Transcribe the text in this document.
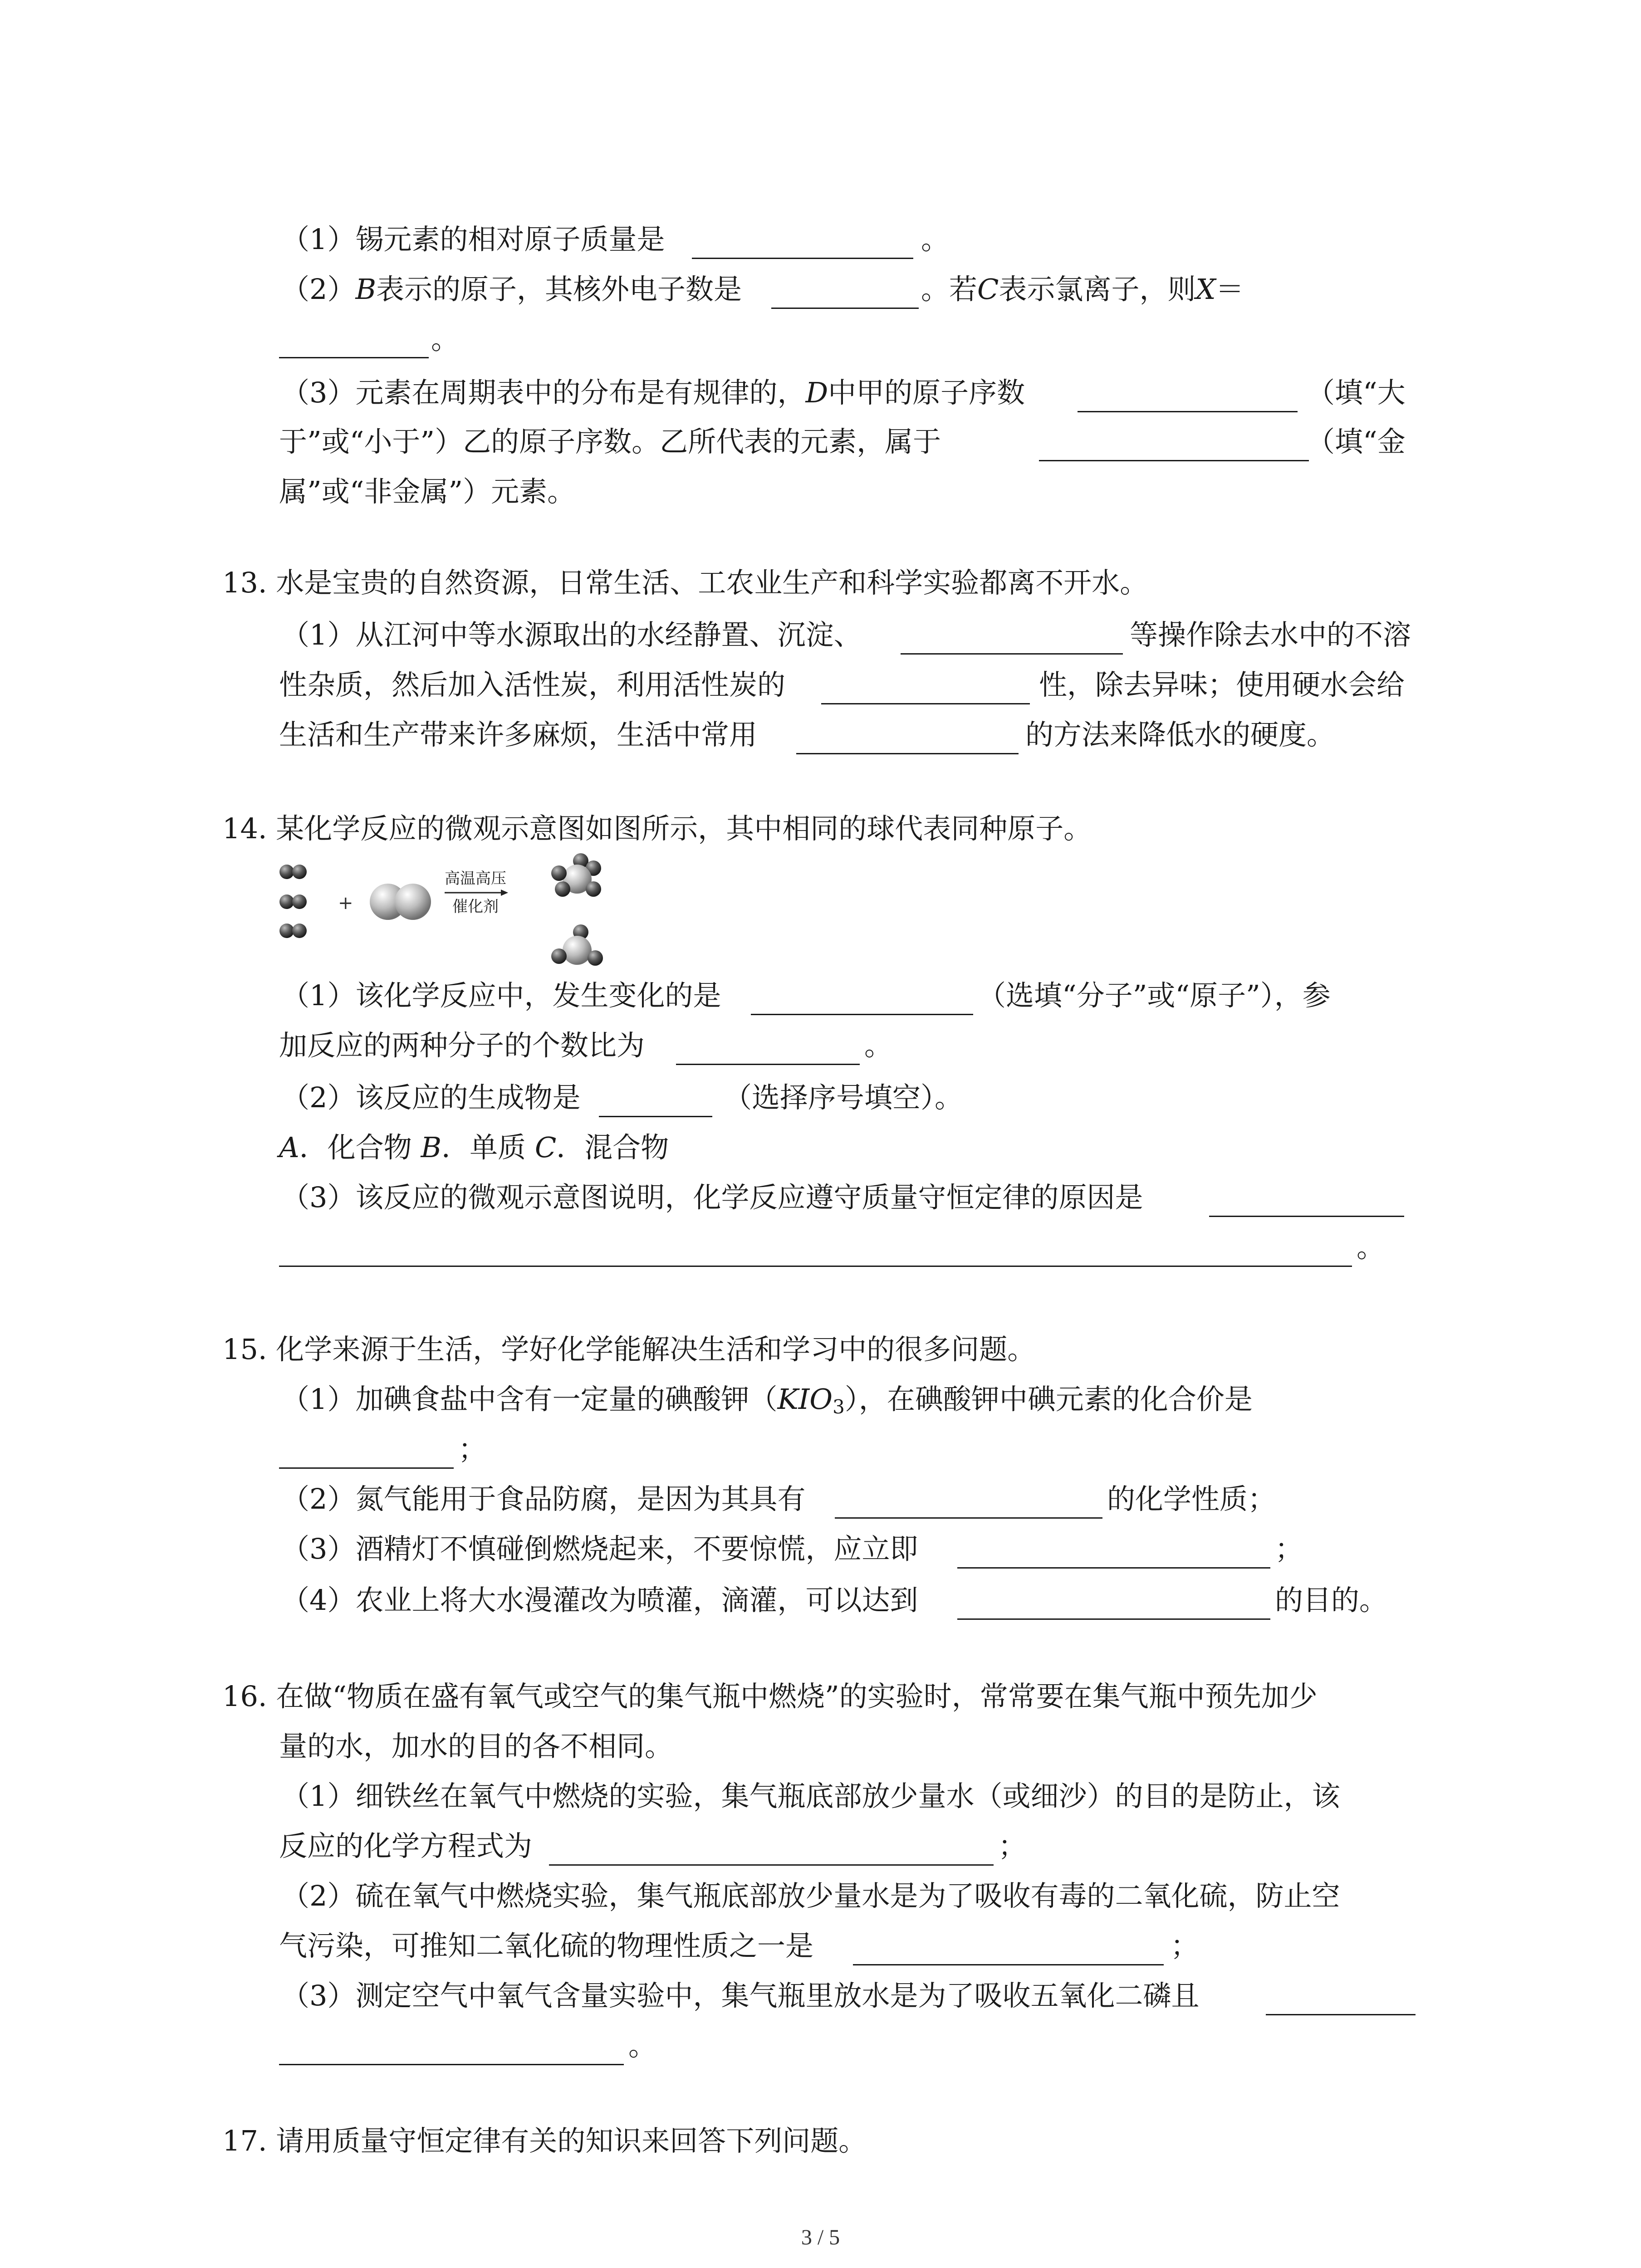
（1）锡元素的相对原子质量是	。
（2）B表示的原子，其核外电子数是	。若C表示氯离子，则X＝
。
（3）元素在周期表中的分布是有规律的，D中甲的原子序数	（填“大
于”或“小于”）乙的原子序数。乙所代表的元素，属于	（填“金
属”或“非金属”）元素。
13. 水是宝贵的自然资源，日常生活、工农业生产和科学实验都离不开水。
（1）从江河中等水源取出的水经静置、沉淀、	等操作除去水中的不溶
性杂质，然后加入活性炭，利用活性炭的	性，除去异味；使用硬水会给
生活和生产带来许多麻烦，生活中常用	的方法来降低水的硬度。
14. 某化学反应的微观示意图如图所示，其中相同的球代表同种原子。
+
高温高压
催化剂
（1）该化学反应中，发生变化的是	（选填“分子”或“原子”），参
加反应的两种分子的个数比为	。
（2）该反应的生成物是	（选择序号填空）。
A．化合物 B．单质 C．混合物
（3）该反应的微观示意图说明，化学反应遵守质量守恒定律的原因是
。
15. 化学来源于生活，学好化学能解决生活和学习中的很多问题。
（1）加碘食盐中含有一定量的碘酸钾$(KIO_3)$，在碘酸钾中碘元素的化合价是
；
（2）氮气能用于食品防腐，是因为其具有	的化学性质；
（3）酒精灯不慎碰倒燃烧起来，不要惊慌，应立即	；
（4）农业上将大水漫灌改为喷灌，滴灌，可以达到	的目的。
16. 在做“物质在盛有氧气或空气的集气瓶中燃烧”的实验时，常常要在集气瓶中预先加少
量的水，加水的目的各不相同。
（1）细铁丝在氧气中燃烧的实验，集气瓶底部放少量水（或细沙）的目的是防止，该
反应的化学方程式为	；
（2）硫在氧气中燃烧实验，集气瓶底部放少量水是为了吸收有毒的二氧化硫，防止空
气污染，可推知二氧化硫的物理性质之一是	；
（3）测定空气中氧气含量实验中，集气瓶里放水是为了吸收五氧化二磷且
。
17. 请用质量守恒定律有关的知识来回答下列问题。
3 / 5
